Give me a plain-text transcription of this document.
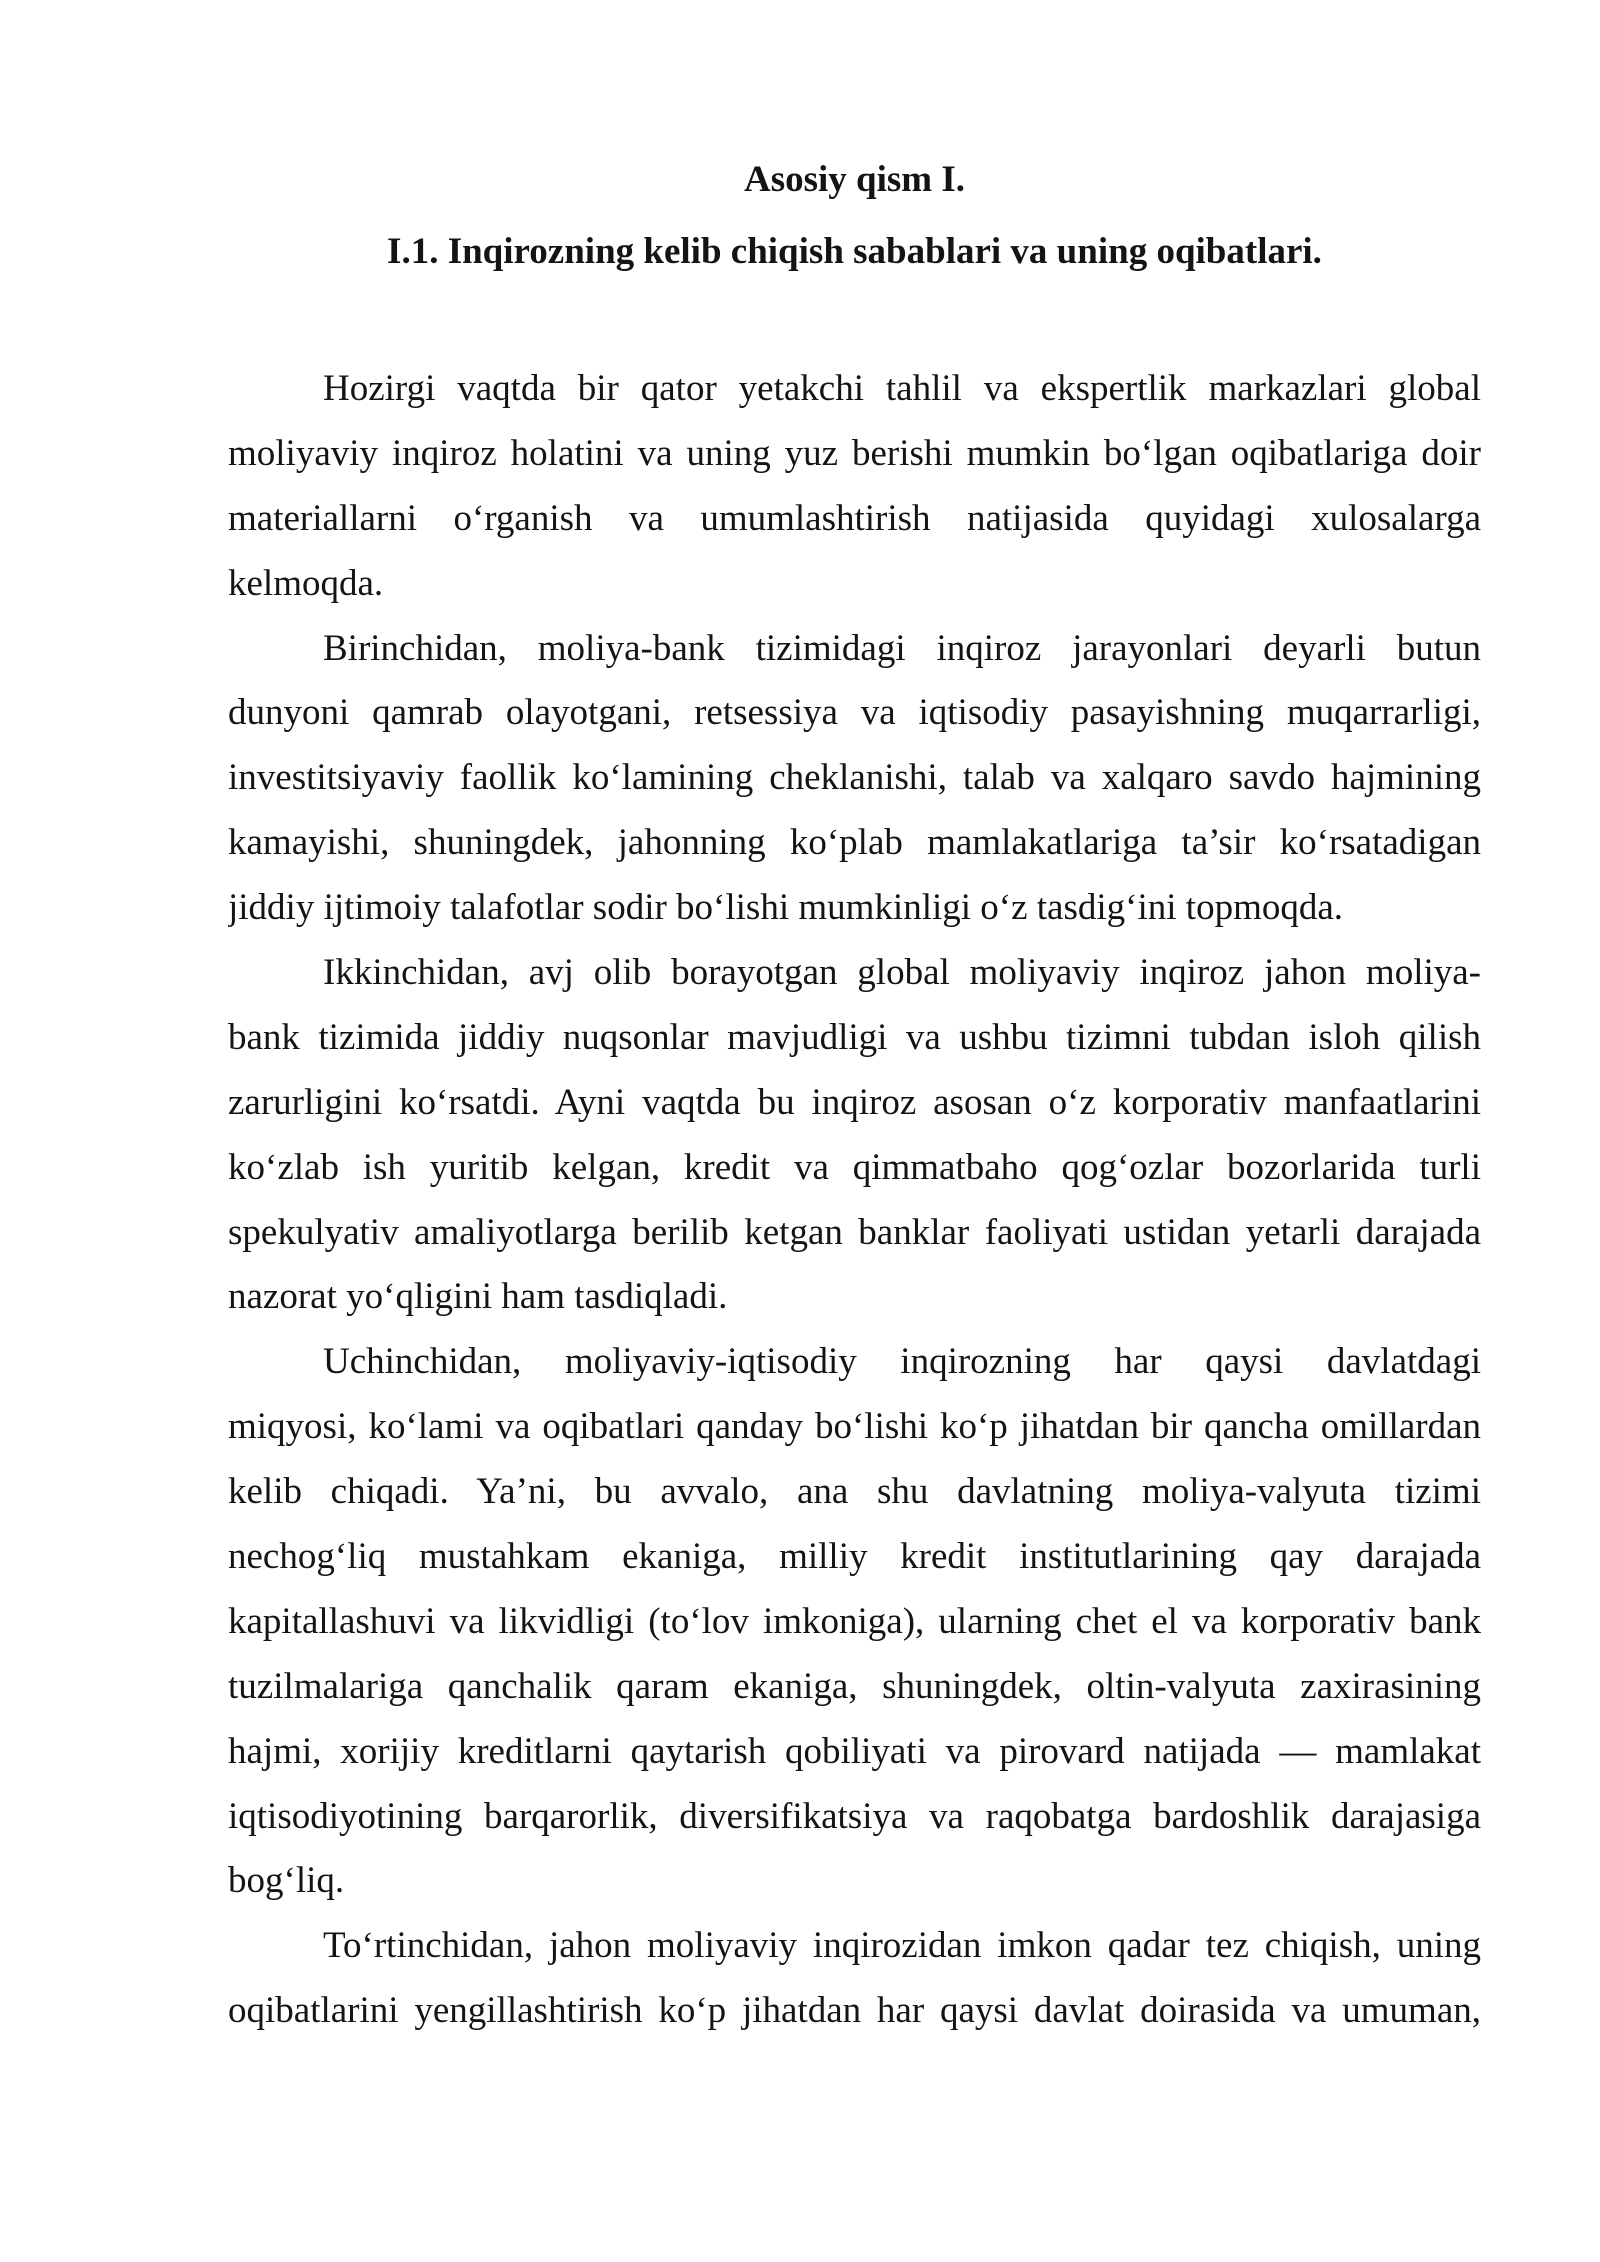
Asosiy qism I.
I.1. Inqirozning kelib chiqish sabablari va uning oqibatlari.
Hozirgi vaqtda bir qator yetakchi tahlil va ekspertlik markazlari global
moliyaviy inqiroz holatini va uning yuz berishi mumkin bo‘lgan oqibatlariga doir
materiallarni o‘rganish va umumlashtirish natijasida quyidagi xulosalarga
kelmoqda.
Birinchidan, moliya-bank tizimidagi inqiroz jarayonlari deyarli butun
dunyoni qamrab olayotgani, retsessiya va iqtisodiy pasayishning muqarrarligi,
investitsiyaviy faollik ko‘lamining cheklanishi, talab va xalqaro savdo hajmining
kamayishi, shuningdek, jahonning ko‘plab mamlakatlariga ta’sir ko‘rsatadigan
jiddiy ijtimoiy talafotlar sodir bo‘lishi mumkinligi o‘z tasdig‘ini topmoqda.
Ikkinchidan, avj olib borayotgan global moliyaviy inqiroz jahon moliya-
bank tizimida jiddiy nuqsonlar mavjudligi va ushbu tizimni tubdan isloh qilish
zarurligini ko‘rsatdi. Ayni vaqtda bu inqiroz asosan o‘z korporativ manfaatlarini
ko‘zlab ish yuritib kelgan, kredit va qimmatbaho qog‘ozlar bozorlarida turli
spekulyativ amaliyotlarga berilib ketgan banklar faoliyati ustidan yetarli darajada
nazorat yo‘qligini ham tasdiqladi.
Uchinchidan, moliyaviy-iqtisodiy inqirozning har qaysi davlatdagi
miqyosi, ko‘lami va oqibatlari qanday bo‘lishi ko‘p jihatdan bir qancha omillardan
kelib chiqadi. Ya’ni, bu avvalo, ana shu davlatning moliya-valyuta tizimi
nechog‘liq mustahkam ekaniga, milliy kredit institutlarining qay darajada
kapitallashuvi va likvidligi (to‘lov imkoniga), ularning chet el va korporativ bank
tuzilmalariga qanchalik qaram ekaniga, shuningdek, oltin-valyuta zaxirasining
hajmi, xorijiy kreditlarni qaytarish qobiliyati va pirovard natijada — mamlakat
iqtisodiyotining barqarorlik, diversifikatsiya va raqobatga bardoshlik darajasiga
bog‘liq.
To‘rtinchidan, jahon moliyaviy inqirozidan imkon qadar tez chiqish, uning
oqibatlarini yengillashtirish ko‘p jihatdan har qaysi davlat doirasida va umuman,
